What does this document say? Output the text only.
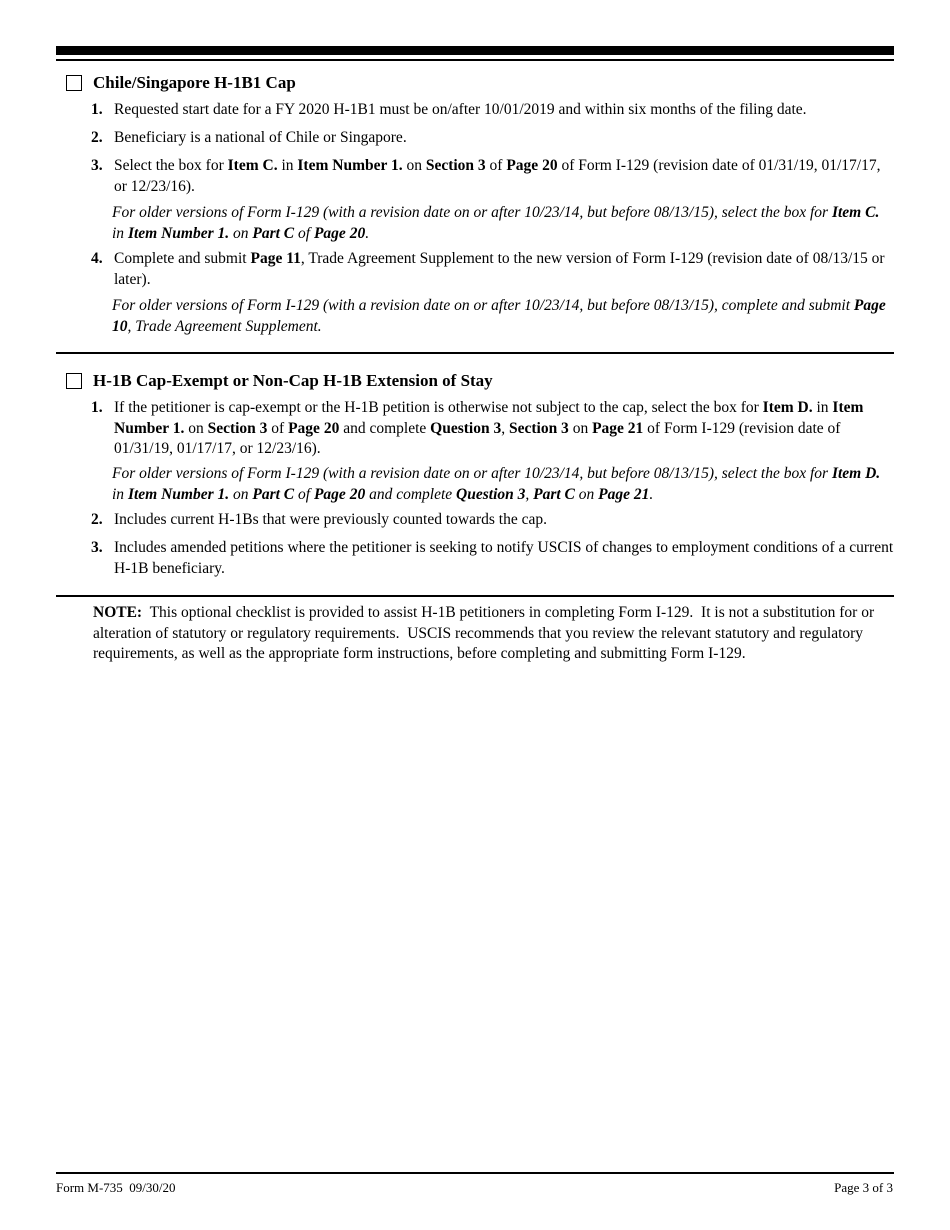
Chile/Singapore H-1B1 Cap
1. Requested start date for a FY 2020 H-1B1 must be on/after 10/01/2019 and within six months of the filing date.
2. Beneficiary is a national of Chile or Singapore.
3. Select the box for Item C. in Item Number 1. on Section 3 of Page 20 of Form I-129 (revision date of 01/31/19, 01/17/17, or 12/23/16).
For older versions of Form I-129 (with a revision date on or after 10/23/14, but before 08/13/15), select the box for Item C. in Item Number 1. on Part C of Page 20.
4. Complete and submit Page 11, Trade Agreement Supplement to the new version of Form I-129 (revision date of 08/13/15 or later).
For older versions of Form I-129 (with a revision date on or after 10/23/14, but before 08/13/15), complete and submit Page 10, Trade Agreement Supplement.
H-1B Cap-Exempt or Non-Cap H-1B Extension of Stay
1. If the petitioner is cap-exempt or the H-1B petition is otherwise not subject to the cap, select the box for Item D. in Item Number 1. on Section 3 of Page 20 and complete Question 3, Section 3 on Page 21 of Form I-129 (revision date of 01/31/19, 01/17/17, or 12/23/16).
For older versions of Form I-129 (with a revision date on or after 10/23/14, but before 08/13/15), select the box for Item D. in Item Number 1. on Part C of Page 20 and complete Question 3, Part C on Page 21.
2. Includes current H-1Bs that were previously counted towards the cap.
3. Includes amended petitions where the petitioner is seeking to notify USCIS of changes to employment conditions of a current H-1B beneficiary.
NOTE:  This optional checklist is provided to assist H-1B petitioners in completing Form I-129.  It is not a substitution for or alteration of statutory or regulatory requirements.  USCIS recommends that you review the relevant statutory and regulatory requirements, as well as the appropriate form instructions, before completing and submitting Form I-129.
Form M-735  09/30/20	Page 3 of 3
